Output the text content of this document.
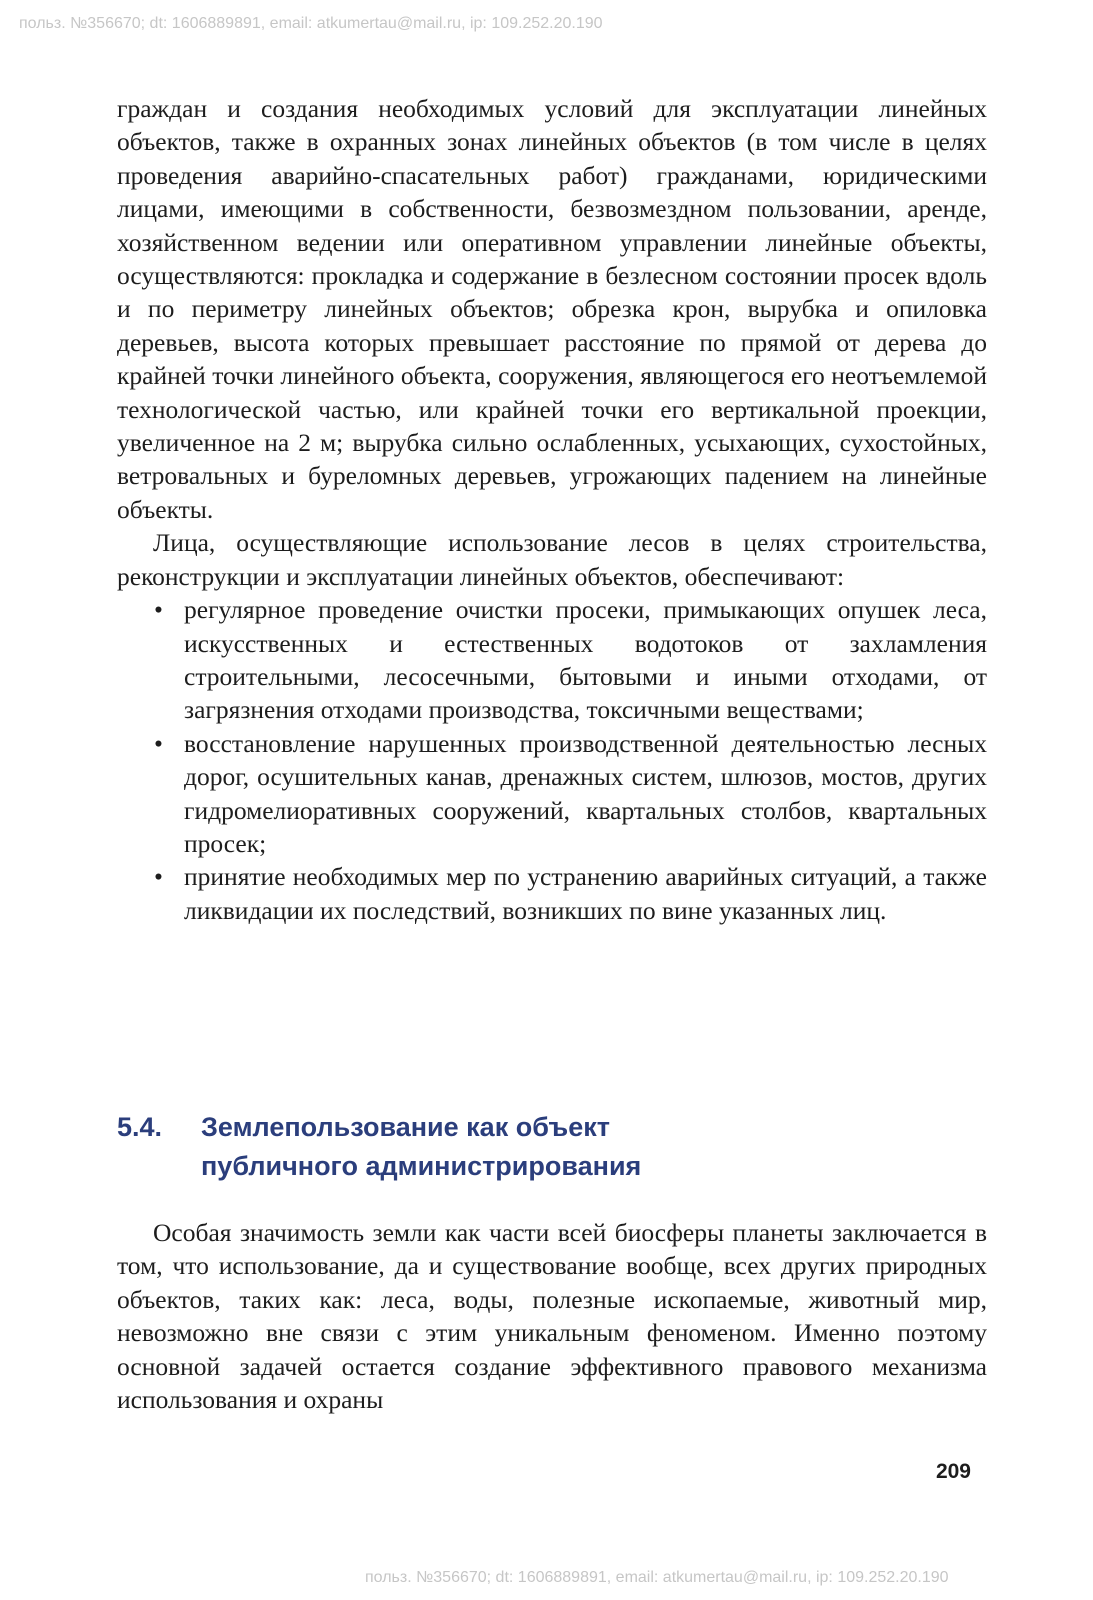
польз. №356670; dt: 1606889891, email: atkumertau@mail.ru, ip: 109.252.20.190

граждан и создания необходимых условий для эксплуатации линейных объектов, также в охранных зонах линейных объектов (в том числе в целях проведения аварийно-спасательных работ) гражданами, юридическими лицами, имеющими в собственности, безвозмездном пользовании, аренде, хозяйственном ведении или оперативном управлении линейные объекты, осуществляются: прокладка и содержание в безлесном состоянии просек вдоль и по периметру линейных объектов; обрезка крон, вырубка и опиловка деревьев, высота которых превышает расстояние по прямой от дерева до крайней точки линейного объекта, сооружения, являющегося его неотъемлемой технологической частью, или крайней точки его вертикальной проекции, увеличенное на 2 м; вырубка сильно ослабленных, усыхающих, сухостойных, ветровальных и буреломных деревьев, угрожающих падением на линейные объекты.

Лица, осуществляющие использование лесов в целях строительства, реконструкции и эксплуатации линейных объектов, обеспечивают:

• регулярное проведение очистки просеки, примыкающих опушек леса, искусственных и естественных водотоков от захламления строительными, лесосечными, бытовыми и иными отходами, от загрязнения отходами производства, токсичными веществами;
• восстановление нарушенных производственной деятельностью лесных дорог, осушительных канав, дренажных систем, шлюзов, мостов, других гидромелиоративных сооружений, квартальных столбов, квартальных просек;
• принятие необходимых мер по устранению аварийных ситуаций, а также ликвидации их последствий, возникших по вине указанных лиц.
5.4. Землепользование как объект публичного администрирования

Особая значимость земли как части всей биосферы планеты заключается в том, что использование, да и существование вообще, всех других природных объектов, таких как: леса, воды, полезные ископаемые, животный мир, невозможно вне связи с этим уникальным феноменом. Именно поэтому основной задачей остается создание эффективного правового механизма использования и охраны

209
польз. №356670; dt: 1606889891, email: atkumertau@mail.ru, ip: 109.252.20.190
